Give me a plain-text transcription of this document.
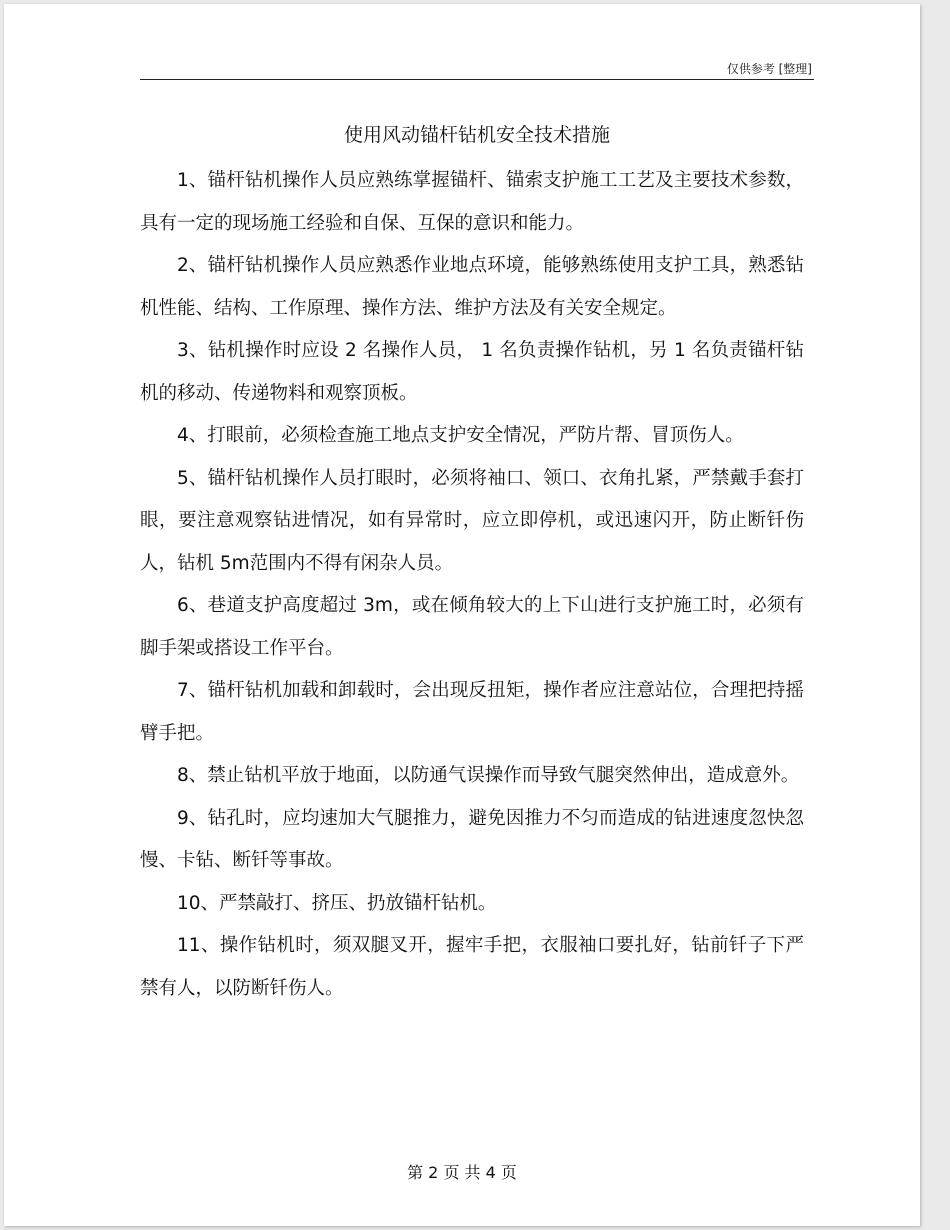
仅供参考 [整理]
使用风动锚杆钻机安全技术措施

1、锚杆钻机操作人员应熟练掌握锚杆、锚索支护施工工艺及主要技术参数，具有一定的现场施工经验和自保、互保的意识和能力。

2、锚杆钻机操作人员应熟悉作业地点环境，能够熟练使用支护工具，熟悉钻机性能、结构、工作原理、操作方法、维护方法及有关安全规定。

3、钻机操作时应设 2 名操作人员， 1 名负责操作钻机，另 1 名负责锚杆钻机的移动、传递物料和观察顶板。

4、打眼前，必须检查施工地点支护安全情况，严防片帮、冒顶伤人。

5、锚杆钻机操作人员打眼时，必须将袖口、领口、衣角扎紧，严禁戴手套打眼，要注意观察钻进情况，如有异常时，应立即停机，或迅速闪开，防止断钎伤人，钻机 5m范围内不得有闲杂人员。

6、巷道支护高度超过 3m，或在倾角较大的上下山进行支护施工时，必须有脚手架或搭设工作平台。

7、锚杆钻机加载和卸载时，会出现反扭矩，操作者应注意站位，合理把持摇臂手把。

8、禁止钻机平放于地面，以防通气误操作而导致气腿突然伸出，造成意外。

9、钻孔时，应均速加大气腿推力，避免因推力不匀而造成的钻进速度忽快忽慢、卡钻、断钎等事故。

10、严禁敲打、挤压、扔放锚杆钻机。

11、操作钻机时，须双腿叉开，握牢手把，衣服袖口要扎好，钻前钎子下严禁有人，以防断钎伤人。

第 2 页 共 4 页
